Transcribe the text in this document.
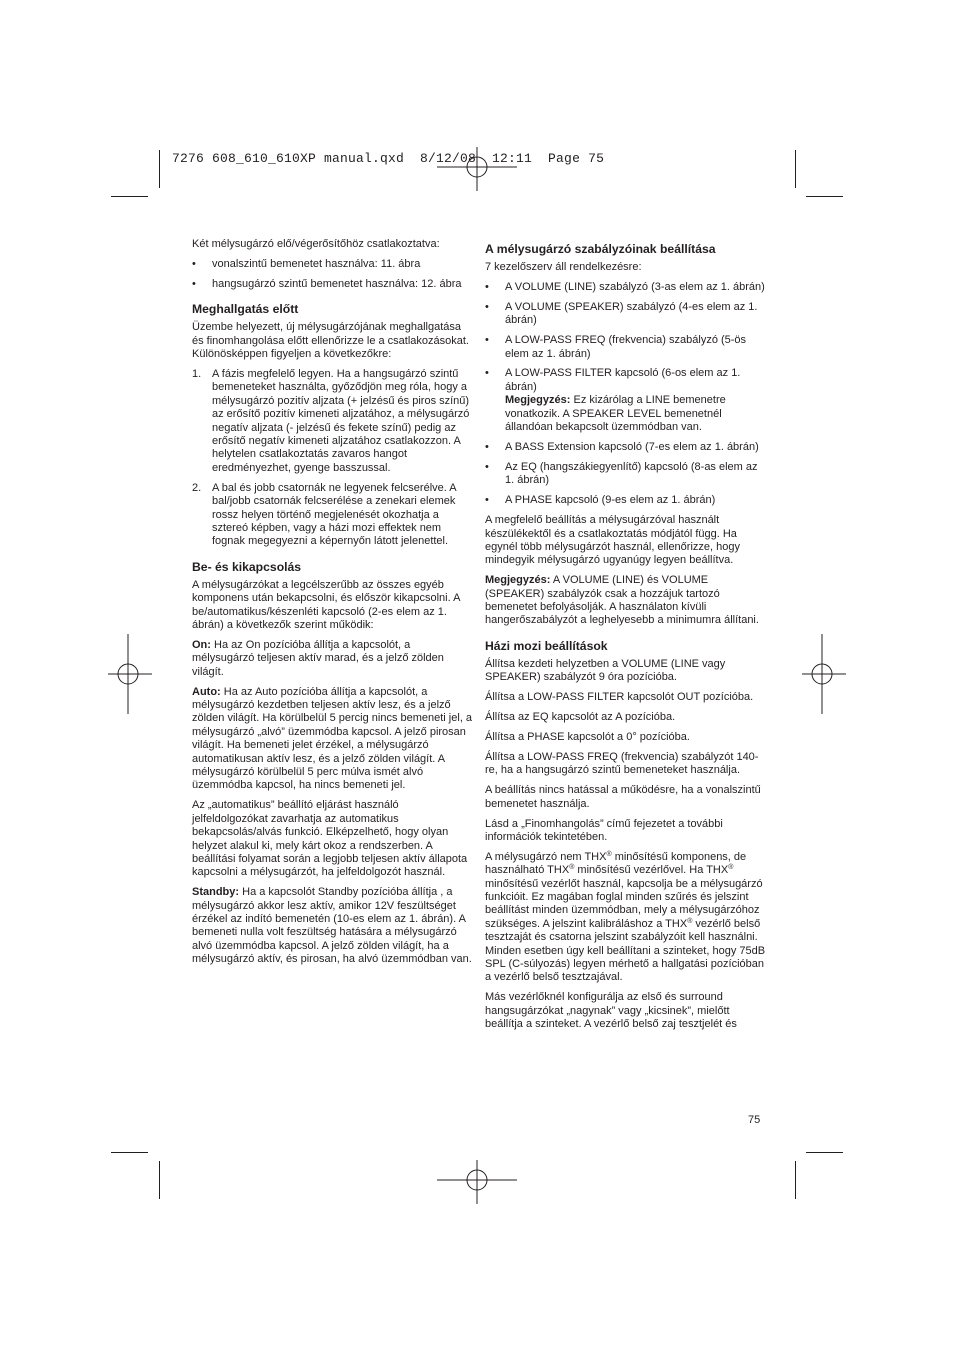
7276 608_610_610XP manual.qxd  8/12/08  12:11  Page 75

Két mélysugárzó elő/végerősítőhöz csatlakoztatva:

• vonalszintű bemenetet használva: 11. ábra
• hangsugárzó szintű bemenetet használva: 12. ábra
Meghallgatás előtt

Üzembe helyezett, új mélysugárzójának meghallgatása és finomhangolása előtt ellenőrizze le a csatlakozásokat. Különösképpen figyeljen a következőkre:

1. A fázis megfelelő legyen. Ha a hangsugárzó szintű bemeneteket használta, győződjön meg róla, hogy a mélysugárzó pozitív aljzata (+ jelzésű és piros színű) az erősítő pozitív kimeneti aljzatához, a mélysugárzó negatív aljzata (- jelzésű és fekete színű) pedig az erősítő negatív kimeneti aljzatához csatlakozzon. A helytelen csatlakoztatás zavaros hangot eredményezhet, gyenge basszussal.
2. A bal és jobb csatornák ne legyenek felcserélve. A bal/jobb csatornák felcserélése a zenekari elemek rossz helyen történő megjelenését okozhatja a sztereó képben, vagy a házi mozi effektek nem fognak megegyezni a képernyőn látott jelenettel.
Be- és kikapcsolás

A mélysugárzókat a legcélszerűbb az összes egyéb komponens után bekapcsolni, és először kikapcsolni. A be/automatikus/készenléti kapcsoló (2-es elem az 1. ábrán) a következők szerint működik:

On: Ha az On pozícióba állítja a kapcsolót, a mélysugárzó teljesen aktív marad, és a jelző zölden világít.

Auto: Ha az Auto pozícióba állítja a kapcsolót, a mélysugárzó kezdetben teljesen aktív lesz, és a jelző zölden világít. Ha körülbelül 5 percig nincs bemeneti jel, a mélysugárzó „alvó” üzemmódba kapcsol. A jelző pirosan világít. Ha bemeneti jelet érzékel, a mélysugárzó automatikusan aktív lesz, és a jelző zölden világít. A mélysugárzó körülbelül 5 perc múlva ismét alvó üzemmódba kapcsol, ha nincs bemeneti jel.

Az „automatikus” beállító eljárást használó jelfeldolgozókat zavarhatja az automatikus bekapcsolás/alvás funkció. Elképzelhető, hogy olyan helyzet alakul ki, mely kárt okoz a rendszerben. A beállítási folyamat során a legjobb teljesen aktív állapota kapcsolni a mélysugárzót, ha jelfeldolgozót használ.

Standby: Ha a kapcsolót Standby pozícióba állítja , a mélysugárzó akkor lesz aktív, amikor 12V feszültséget érzékel az indító bemenetén (10-es elem az 1. ábrán). A bemeneti nulla volt feszültség hatására a mélysugárzó alvó üzemmódba kapcsol. A jelző zölden világít, ha a mélysugárzó aktív, és pirosan, ha alvó üzemmódban van.

A mélysugárzó szabályzóinak beállítása

7 kezelőszerv áll rendelkezésre:

• A VOLUME (LINE) szabályzó (3-as elem az 1. ábrán)
• A VOLUME (SPEAKER) szabályzó (4-es elem az 1. ábrán)
• A LOW-PASS FREQ (frekvencia) szabályzó (5-ös elem az 1. ábrán)
• A LOW-PASS FILTER kapcsoló (6-os elem az 1. ábrán)
Megjegyzés: Ez kizárólag a LINE bemenetre vonatkozik. A SPEAKER LEVEL bemenetnél állandóan bekapcsolt üzemmódban van.
• A BASS Extension kapcsoló (7-es elem az 1. ábrán)
• Az EQ (hangszákiegyenlítő) kapcsoló (8-as elem az 1. ábrán)
• A PHASE kapcsoló (9-es elem az 1. ábrán)

A megfelelő beállítás a mélysugárzóval használt készülékektől és a csatlakoztatás módjától függ. Ha egynél több mélysugárzót használ, ellenőrizze, hogy mindegyik mélysugárzó ugyanúgy legyen beállítva.

Megjegyzés: A VOLUME (LINE) és VOLUME (SPEAKER) szabályzók csak a hozzájuk tartozó bemenetet befolyásolják. A használaton kívüli hangerőszabályzót a leghelyesebb a minimumra állítani.

Házi mozi beállítások

Állítsa kezdeti helyzetben a VOLUME (LINE vagy SPEAKER) szabályzót 9 óra pozícióba.

Állítsa a LOW-PASS FILTER kapcsolót OUT pozícióba.

Állítsa az EQ kapcsolót az A pozícióba.

Állítsa a PHASE kapcsolót a 0° pozícióba.

Állítsa a LOW-PASS FREQ (frekvencia) szabályzót 140-re, ha a hangsugárzó szintű bemeneteket használja.

A beállítás nincs hatással a működésre, ha a vonalszintű bemenetet használja.

Lásd a „Finomhangolás” című fejezetet a további információk tekintetében.

A mélysugárzó nem THX® minősítésű komponens, de használható THX® minősítésű vezérlővel. Ha THX® minősítésű vezérlőt használ, kapcsolja be a mélysugárzó funkcióit. Ez magában foglal minden szűrés és jelszint beállítást minden üzemmódban, mely a mélysugárzóhoz szükséges. A jelszint kalibráláshoz a THX® vezérlő belső tesztzaját és csatorna jelszint szabályzóit kell használni. Minden esetben úgy kell beállítani a szinteket, hogy 75dB SPL (C-súlyozás) legyen mérhető a hallgatási pozícióban a vezérlő belső tesztzajával.

Más vezérlőknél konfigurálja az első és surround hangsugárzókat „nagynak” vagy „kicsinek”, mielőtt beállítja a szinteket. A vezérlő belső zaj tesztjelét és

75
